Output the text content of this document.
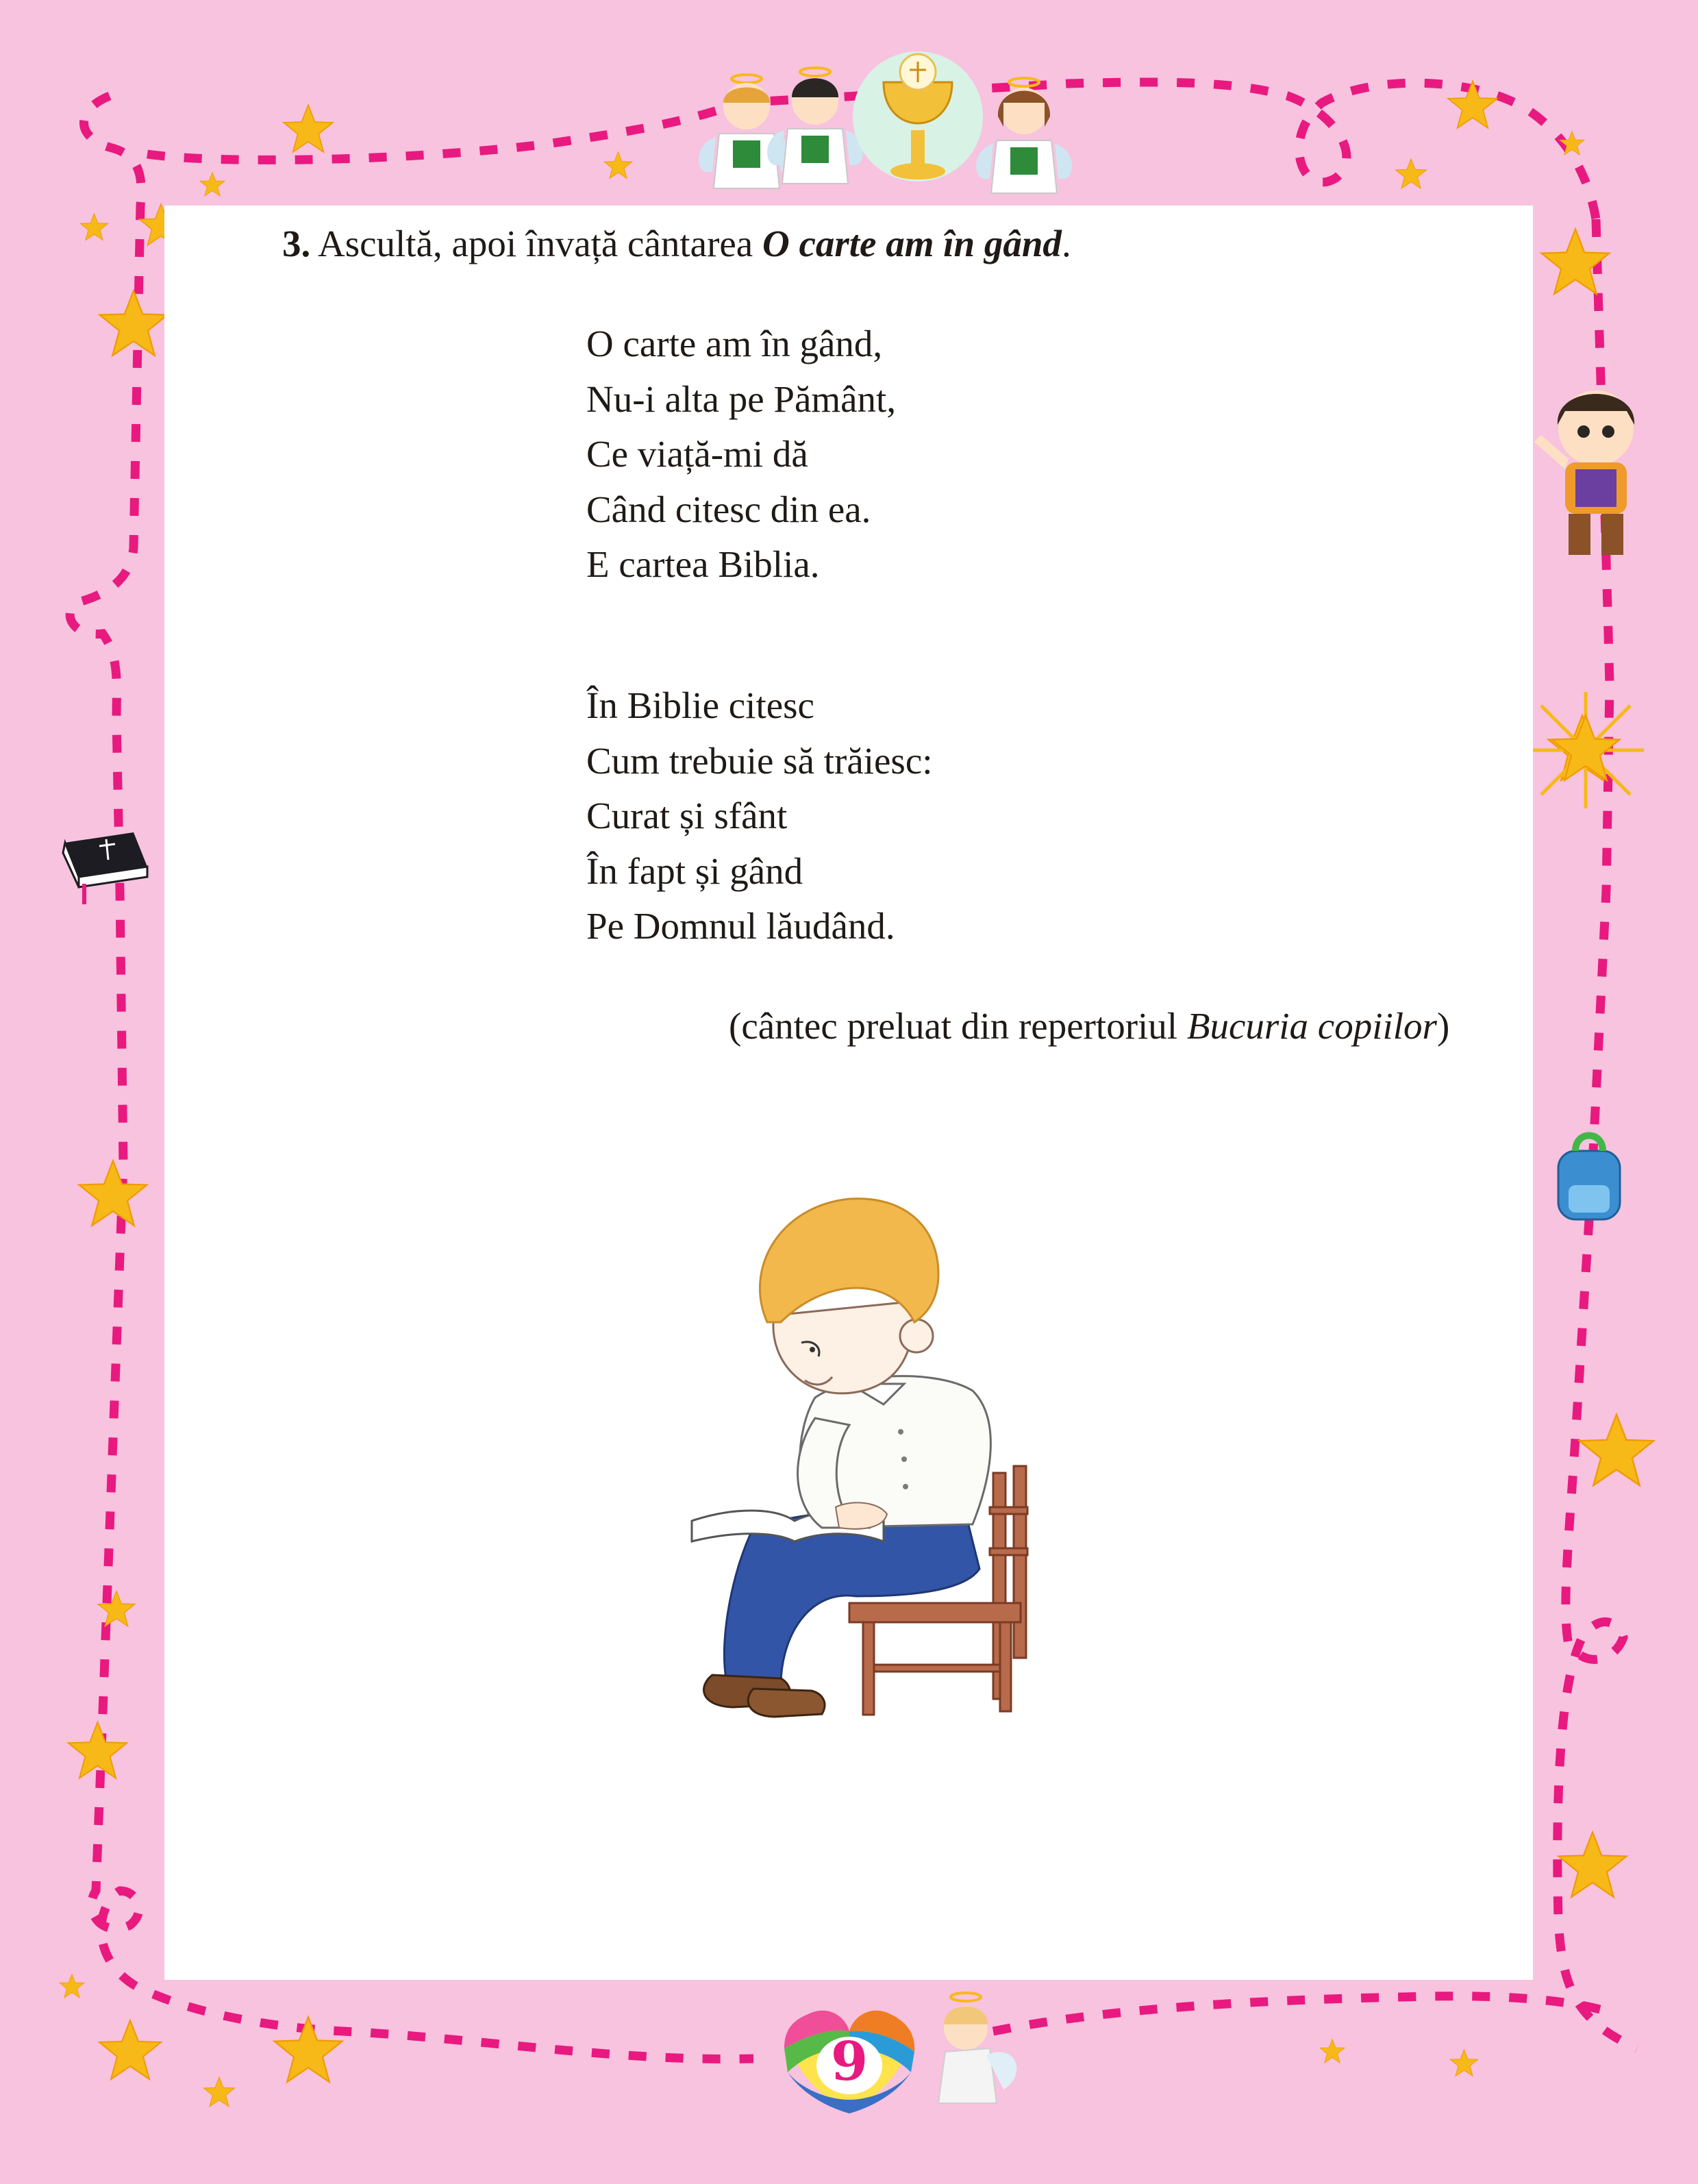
3. Ascultă, apoi învață cântarea O carte am în gând.
O carte am în gând,
Nu-i alta pe Pământ,
Ce viață-mi dă
Când citesc din ea.
E cartea Biblia.
În Biblie citesc
Cum trebuie să trăiesc:
Curat și sfânt
În fapt și gând
Pe Domnul lăudând.
(cântec preluat din repertoriul Bucuria copiilor)
9
